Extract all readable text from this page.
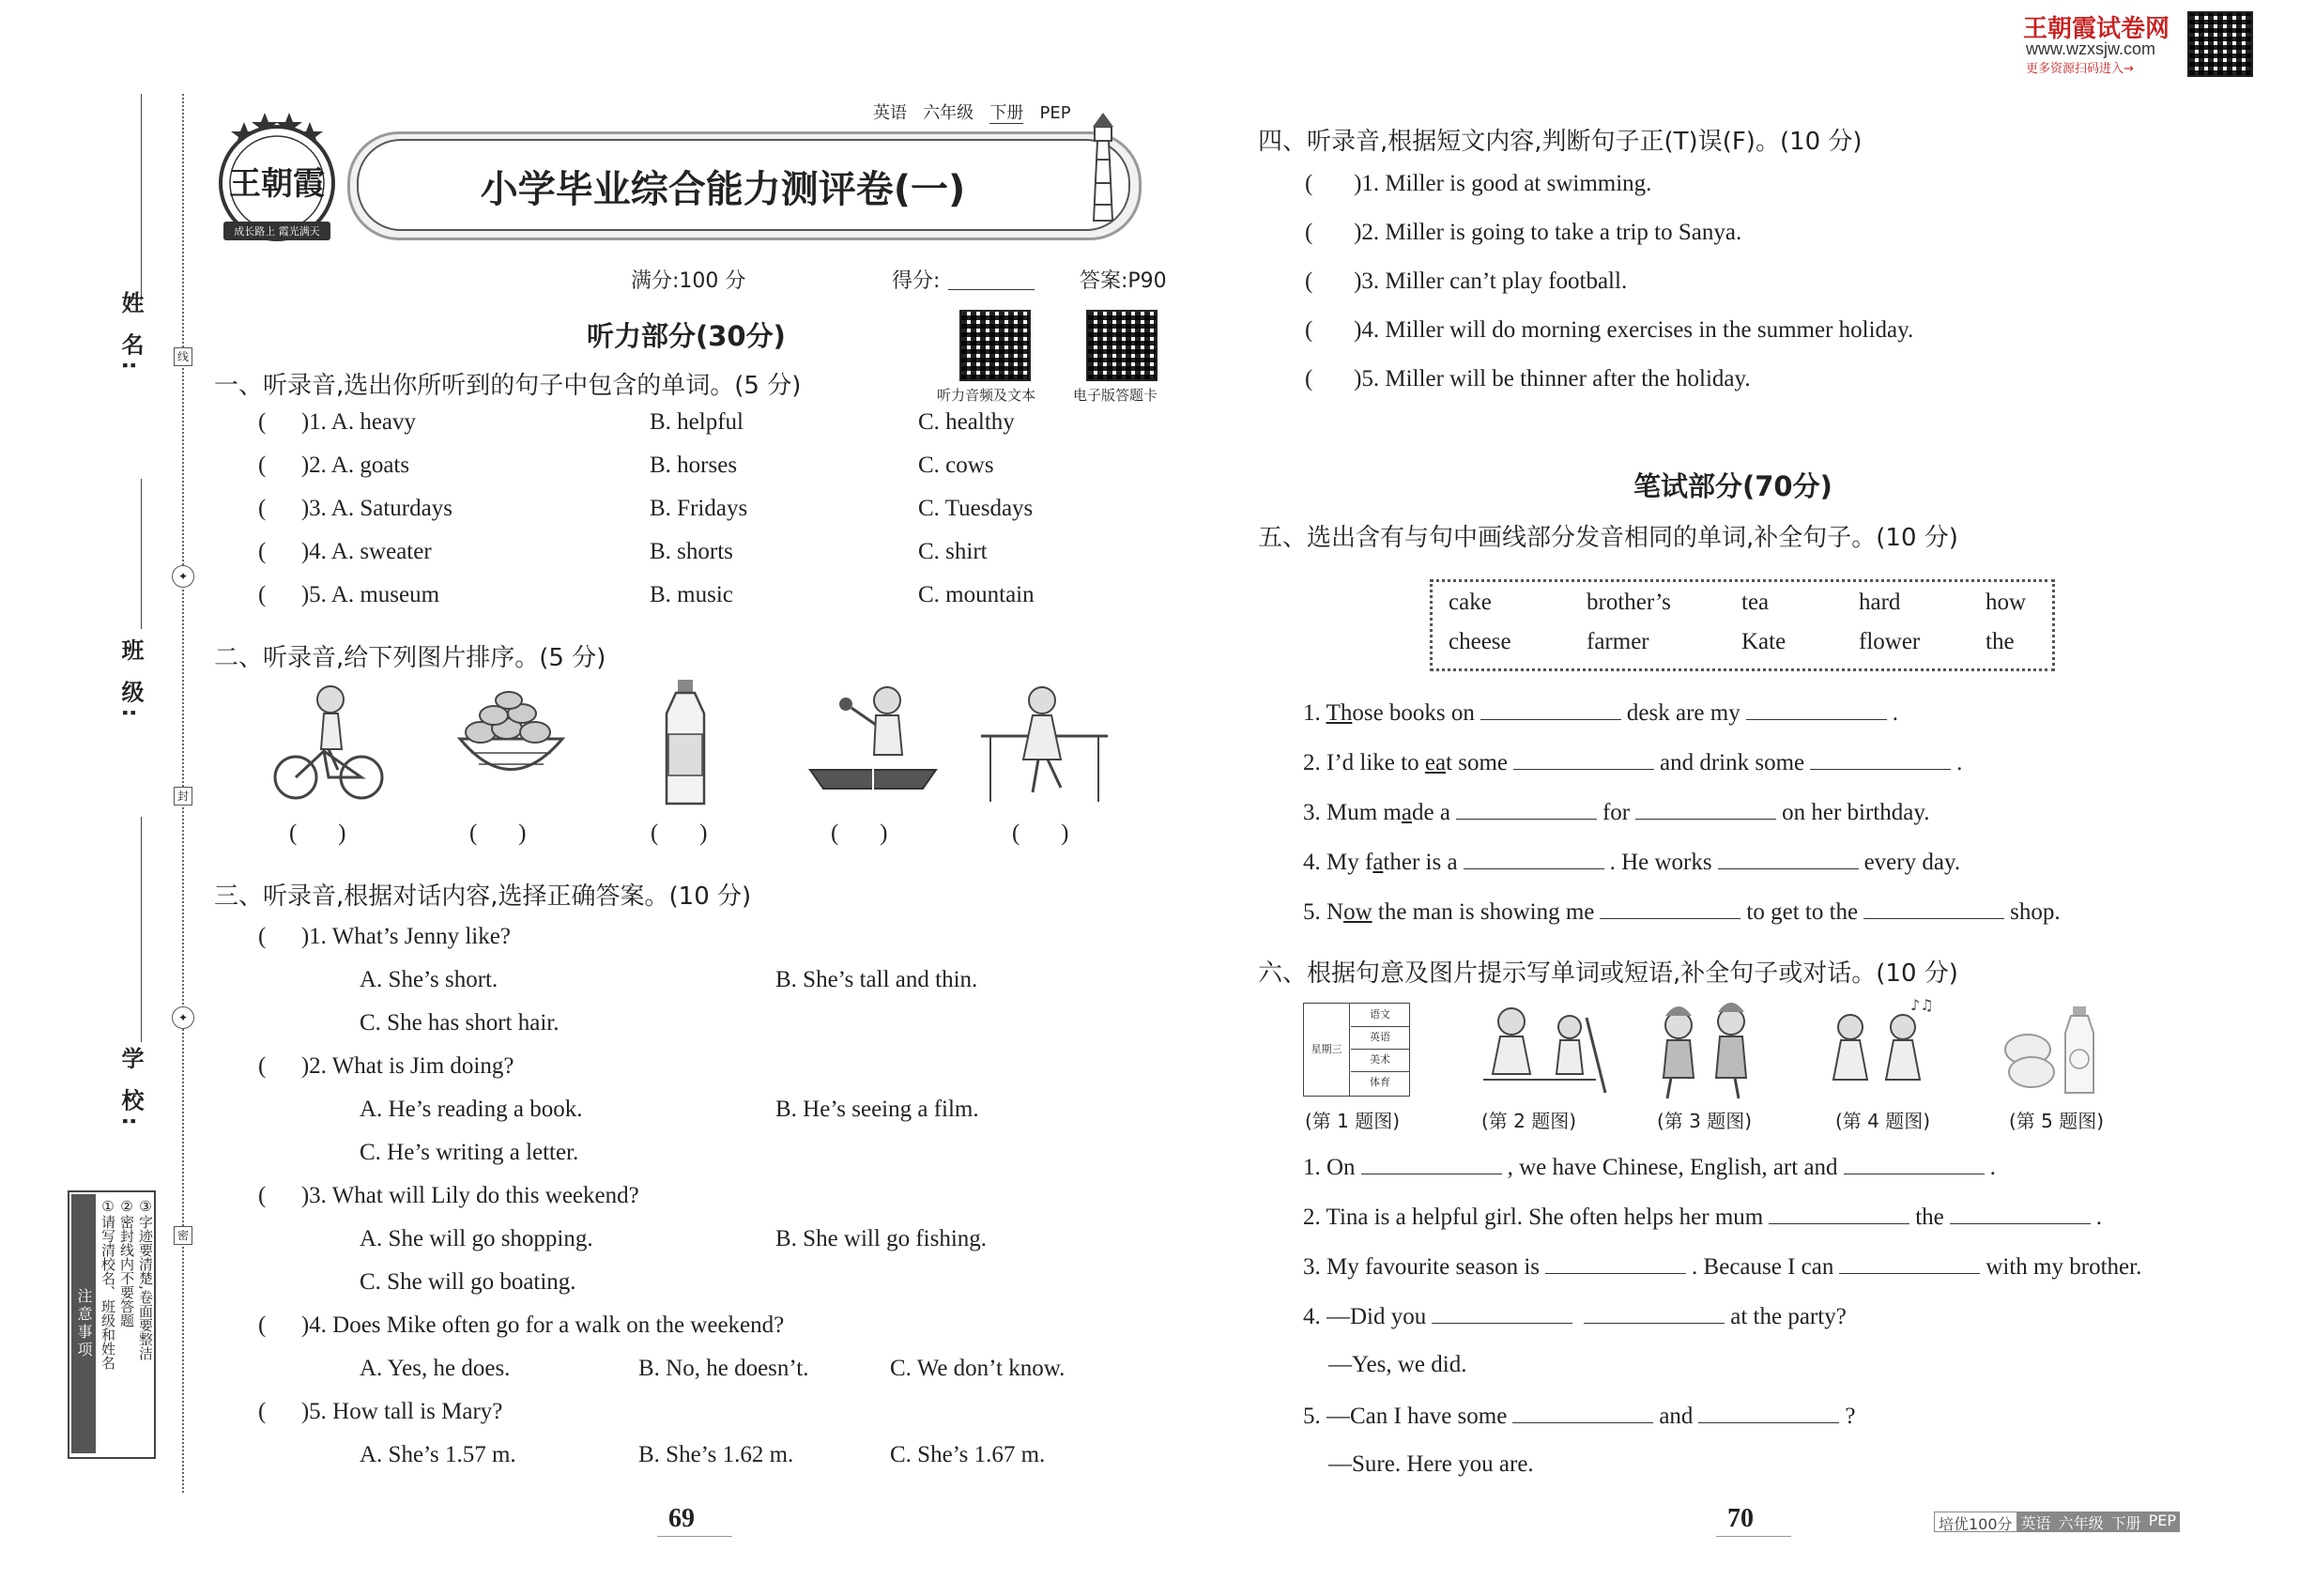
姓 名:
班 级:
学 校:
线
✦
封
✦
密
注意事项 ①请写清校名、班级和姓名 ②密封线内不要答题 ③字迹要清楚,卷面要整洁
王朝霞
成长路上 霞光满天
小学毕业综合能力测评卷(一)
英语 六年级 下册 PEP
满分:100 分	得分:	答案:P90
听力部分(30分)
听力音频及文本	电子版答题卡
一、听录音,选出你所听到的句子中包含的单词。(5 分)
(      )1. A. heavy	B. helpful	C. healthy
(      )2. A. goats	B. horses	C. cows
(      )3. A. Saturdays	B. Fridays	C. Tuesdays
(      )4. A. sweater	B. shorts	C. shirt
(      )5. A. museum	B. music	C. mountain
二、听录音,给下列图片排序。(5 分)
(       )	(       )	(       )	(       )	(       )
三、听录音,根据对话内容,选择正确答案。(10 分)
(      )1. What’s Jenny like?
A. She’s short.	B. She’s tall and thin.
C. She has short hair.
(      )2. What is Jim doing?
A. He’s reading a book.	B. He’s seeing a film.
C. He’s writing a letter.
(      )3. What will Lily do this weekend?
A. She will go shopping.	B. She will go fishing.
C. She will go boating.
(      )4. Does Mike often go for a walk on the weekend?
A. Yes, he does.	B. No, he doesn’t.	C. We don’t know.
(      )5. How tall is Mary?
A. She’s 1.57 m.	B. She’s 1.62 m.	C. She’s 1.67 m.
69
王朝霞试卷网
www.wzxsjw.com
更多资源扫码进入→
四、听录音,根据短文内容,判断句子正(T)误(F)。(10 分)
(       )1. Miller is good at swimming.
(       )2. Miller is going to take a trip to Sanya.
(       )3. Miller can’t play football.
(       )4. Miller will do morning exercises in the summer holiday.
(       )5. Miller will be thinner after the holiday.
笔试部分(70分)
五、选出含有与句中画线部分发音相同的单词,补全句子。(10 分)
cake	brother’s	tea	hard	how
cheese	farmer	Kate	flower	the
1. Those books on	desk are my	.
2. I’d like to eat some	and drink some	.
3. Mum made a	for	on her birthday.
4. My father is a	. He works	every day.
5. Now the man is showing me	to get to the	shop.
六、根据句意及图片提示写单词或短语,补全句子或对话。(10 分)
星期三
语文
英语
美术
体育
♪♫
(第 1 题图)	(第 2 题图)	(第 3 题图)	(第 4 题图)	(第 5 题图)
1. On	, we have Chinese, English, art and	.
2. Tina is a helpful girl. She often helps her mum	the	.
3. My favourite season is	. Because I can	with my brother.
4. —Did you	at the party?
—Yes, we did.
5. —Can I have some	and	?
—Sure. Here you are.
70	培优100分 英语 六年级 下册 PEP
